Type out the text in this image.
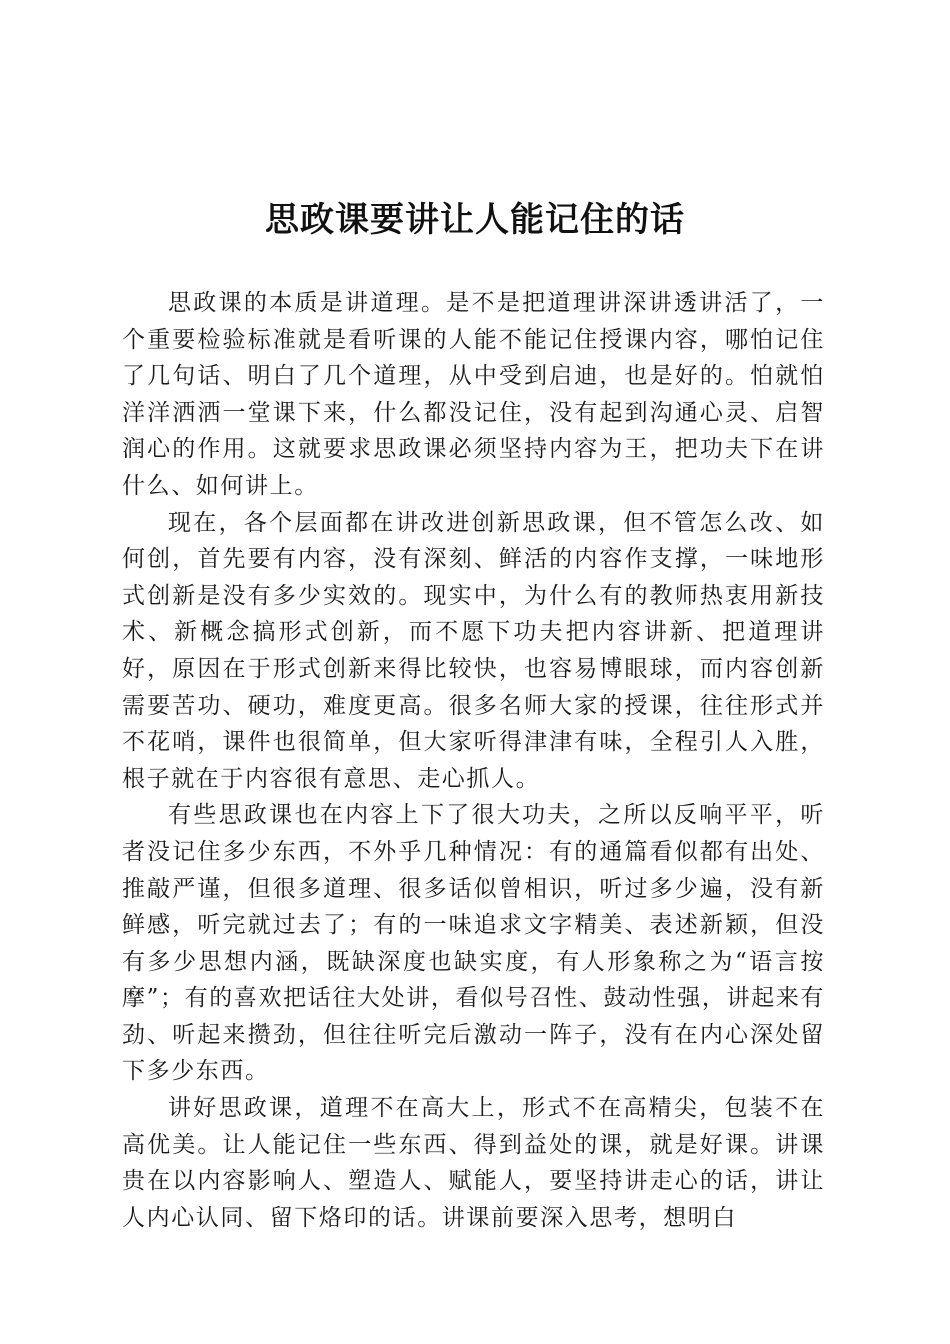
思政课要讲让人能记住的话

思政课的本质是讲道理。是不是把道理讲深讲透讲活了，一个重要检验标准就是看听课的人能不能记住授课内容，哪怕记住了几句话、明白了几个道理，从中受到启迪，也是好的。怕就怕洋洋洒洒一堂课下来，什么都没记住，没有起到沟通心灵、启智润心的作用。这就要求思政课必须坚持内容为王，把功夫下在讲什么、如何讲上。

现在，各个层面都在讲改进创新思政课，但不管怎么改、如何创，首先要有内容，没有深刻、鲜活的内容作支撑，一味地形式创新是没有多少实效的。现实中，为什么有的教师热衷用新技术、新概念搞形式创新，而不愿下功夫把内容讲新、把道理讲好，原因在于形式创新来得比较快，也容易博眼球，而内容创新需要苦功、硬功，难度更高。很多名师大家的授课，往往形式并不花哨，课件也很简单，但大家听得津津有味，全程引人入胜，根子就在于内容很有意思、走心抓人。

有些思政课也在内容上下了很大功夫，之所以反响平平，听者没记住多少东西，不外乎几种情况：有的通篇看似都有出处、推敲严谨，但很多道理、很多话似曾相识，听过多少遍，没有新鲜感，听完就过去了；有的一味追求文字精美、表述新颖，但没有多少思想内涵，既缺深度也缺实度，有人形象称之为“语言按摩”；有的喜欢把话往大处讲，看似号召性、鼓动性强，讲起来有劲、听起来攒劲，但往往听完后激动一阵子，没有在内心深处留下多少东西。

讲好思政课，道理不在高大上，形式不在高精尖，包装不在高优美。让人能记住一些东西、得到益处的课，就是好课。讲课贵在以内容影响人、塑造人、赋能人，要坚持讲走心的话，讲让人内心认同、留下烙印的话。讲课前要深入思考，想明白
